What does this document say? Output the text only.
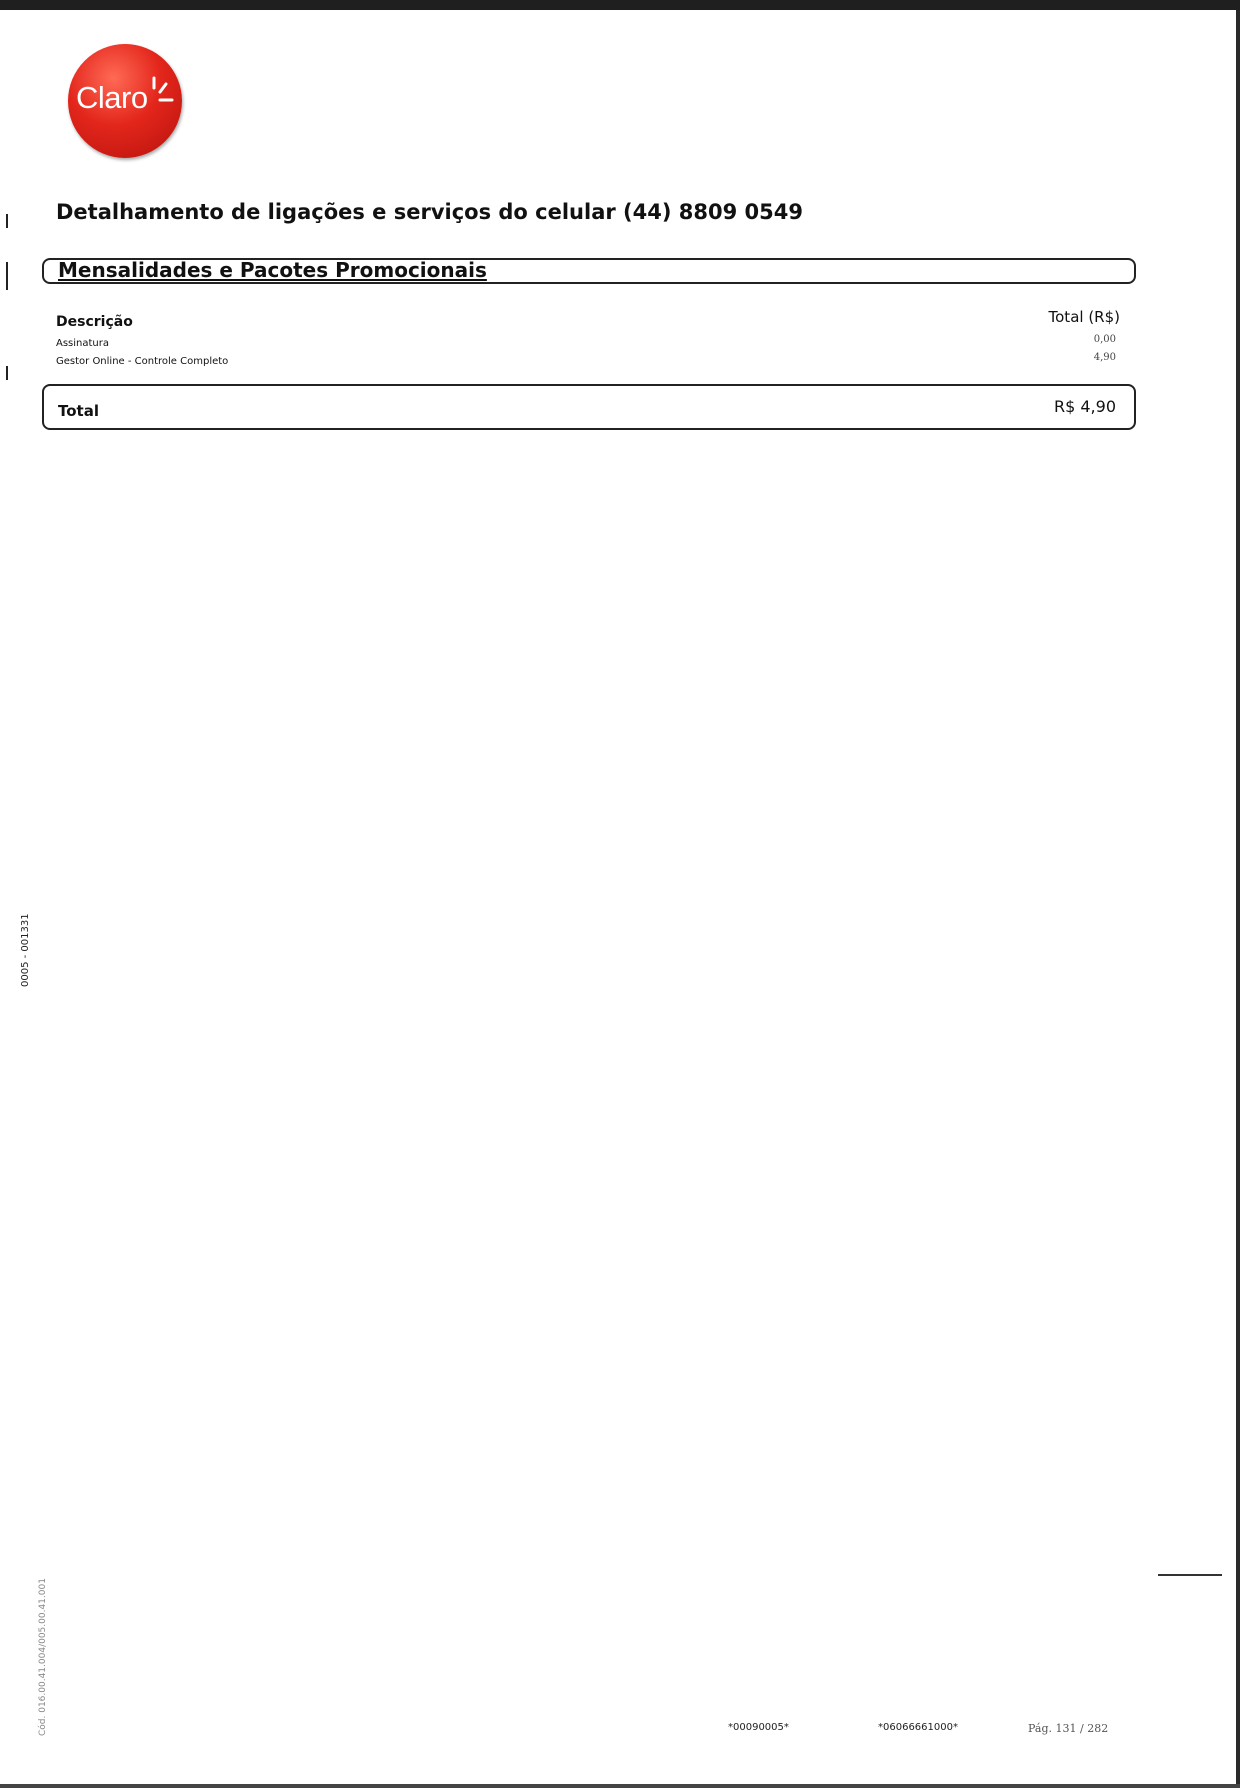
Claro
Detalhamento de ligações e serviços do celular (44) 8809 0549
Mensalidades e Pacotes Promocionais
Descrição	Total (R$)
Assinatura	0,00
Gestor Online - Controle Completo	4,90
Total	R$ 4,90
0005 - 001331
Cód. 016.00.41.004/005.00.41.001	*00090005*	*06066661000*	Pág. 131 / 282
